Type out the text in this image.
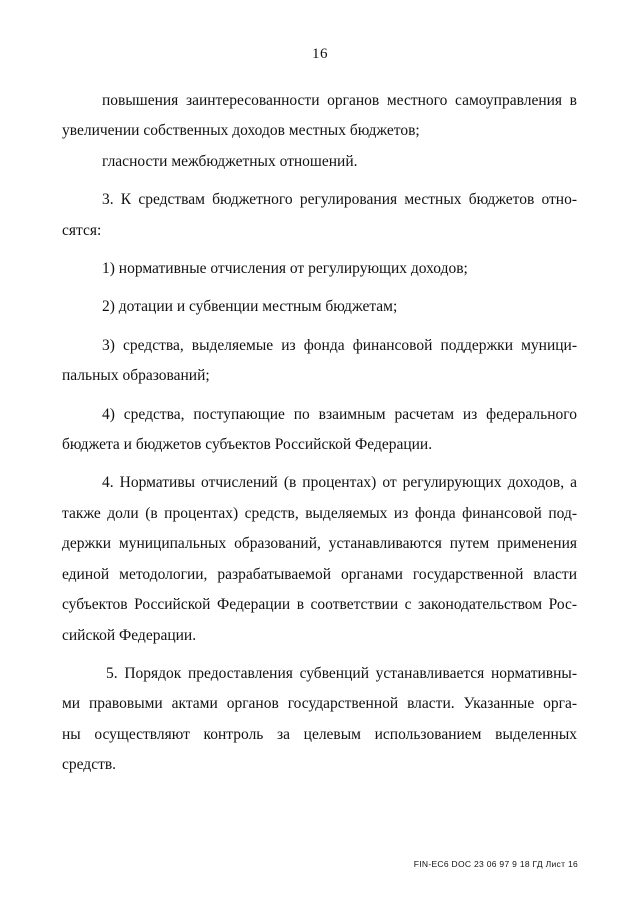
16
повышения заинтересованности органов местного самоуправления в
увеличении собственных доходов местных бюджетов;
гласности межбюджетных отношений.
3. К средствам бюджетного регулирования местных бюджетов отно-
сятся:
1) нормативные отчисления от регулирующих доходов;
2) дотации и субвенции местным бюджетам;
3) средства, выделяемые из фонда финансовой поддержки муници-
пальных образований;
4) средства, поступающие по взаимным расчетам из федерального
бюджета и бюджетов субъектов Российской Федерации.
4. Нормативы отчислений (в процентах) от регулирующих доходов, а
также доли (в процентах) средств, выделяемых из фонда финансовой под-
держки муниципальных образований, устанавливаются путем применения
единой методологии, разрабатываемой органами государственной власти
субъектов Российской Федерации в соответствии с законодательством Рос-
сийской Федерации.
5. Порядок предоставления субвенций устанавливается нормативны-
ми правовыми актами органов государственной власти. Указанные орга-
ны осуществляют контроль за целевым использованием выделенных
средств.
FIN-EC6 DOC 23 06 97 9 18 ГД Лист 16
